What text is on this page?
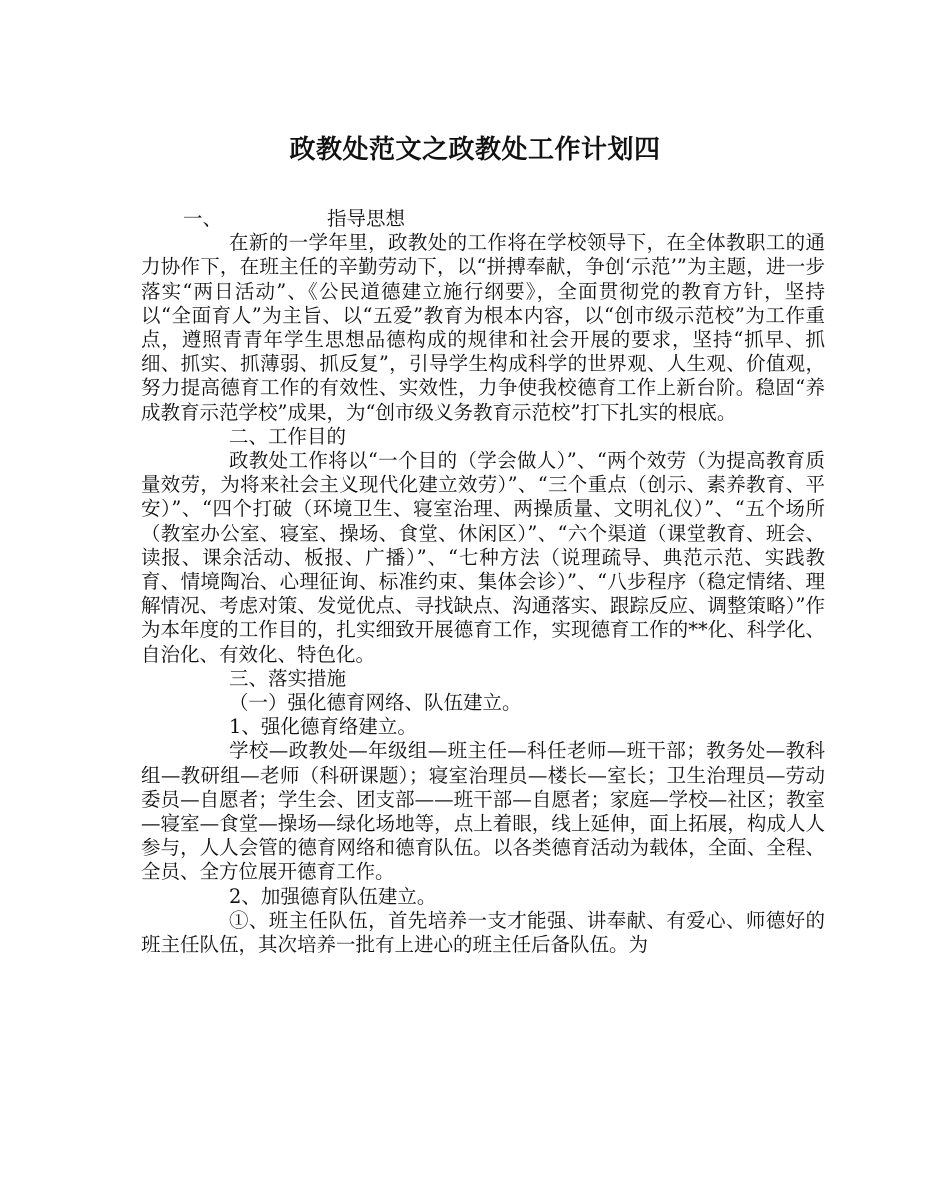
政教处范文之政教处工作计划四

一、	指导思想

在新的一学年里，政教处的工作将在学校领导下，在全体教职工的通力协作下，在班主任的辛勤劳动下，以“拼搏奉献，争创‘示范’”为主题，进一步落实“两日活动”、《公民道德建立施行纲要》，全面贯彻党的教育方针，坚持以“全面育人”为主旨、以“五爱”教育为根本内容，以“创市级示范校”为工作重点，遵照青青年学生思想品德构成的规律和社会开展的要求，坚持“抓早、抓细、抓实、抓薄弱、抓反复”，引导学生构成科学的世界观、人生观、价值观，努力提高德育工作的有效性、实效性，力争使我校德育工作上新台阶。稳固“养成教育示范学校”成果，为“创市级义务教育示范校”打下扎实的根底。

二、工作目的

政教处工作将以“一个目的（学会做人）”、“两个效劳（为提高教育质量效劳，为将来社会主义现代化建立效劳）”、“三个重点（创示、素养教育、平安）”、“四个打破（环境卫生、寝室治理、两操质量、文明礼仪）”、“五个场所（教室办公室、寝室、操场、食堂、休闲区）”、“六个渠道（课堂教育、班会、读报、课余活动、板报、广播）”、“七种方法（说理疏导、典范示范、实践教育、情境陶冶、心理征询、标准约束、集体会诊）”、“八步程序（稳定情绪、理解情况、考虑对策、发觉优点、寻找缺点、沟通落实、跟踪反应、调整策略）”作为本年度的工作目的，扎实细致开展德育工作，实现德育工作的**化、科学化、自治化、有效化、特色化。

三、落实措施

（一）强化德育网络、队伍建立。

1、强化德育络建立。

学校—政教处—年级组—班主任—科任老师—班干部；教务处—教科组—教研组—老师（科研课题）；寝室治理员—楼长—室长；卫生治理员—劳动委员—自愿者；学生会、团支部——班干部—自愿者；家庭—学校—社区；教室—寝室—食堂—操场—绿化场地等，点上着眼，线上延伸，面上拓展，构成人人参与，人人会管的德育网络和德育队伍。以各类德育活动为载体，全面、全程、全员、全方位展开德育工作。

2、加强德育队伍建立。

①、班主任队伍，首先培养一支才能强、讲奉献、有爱心、师德好的班主任队伍，其次培养一批有上进心的班主任后备队伍。为
